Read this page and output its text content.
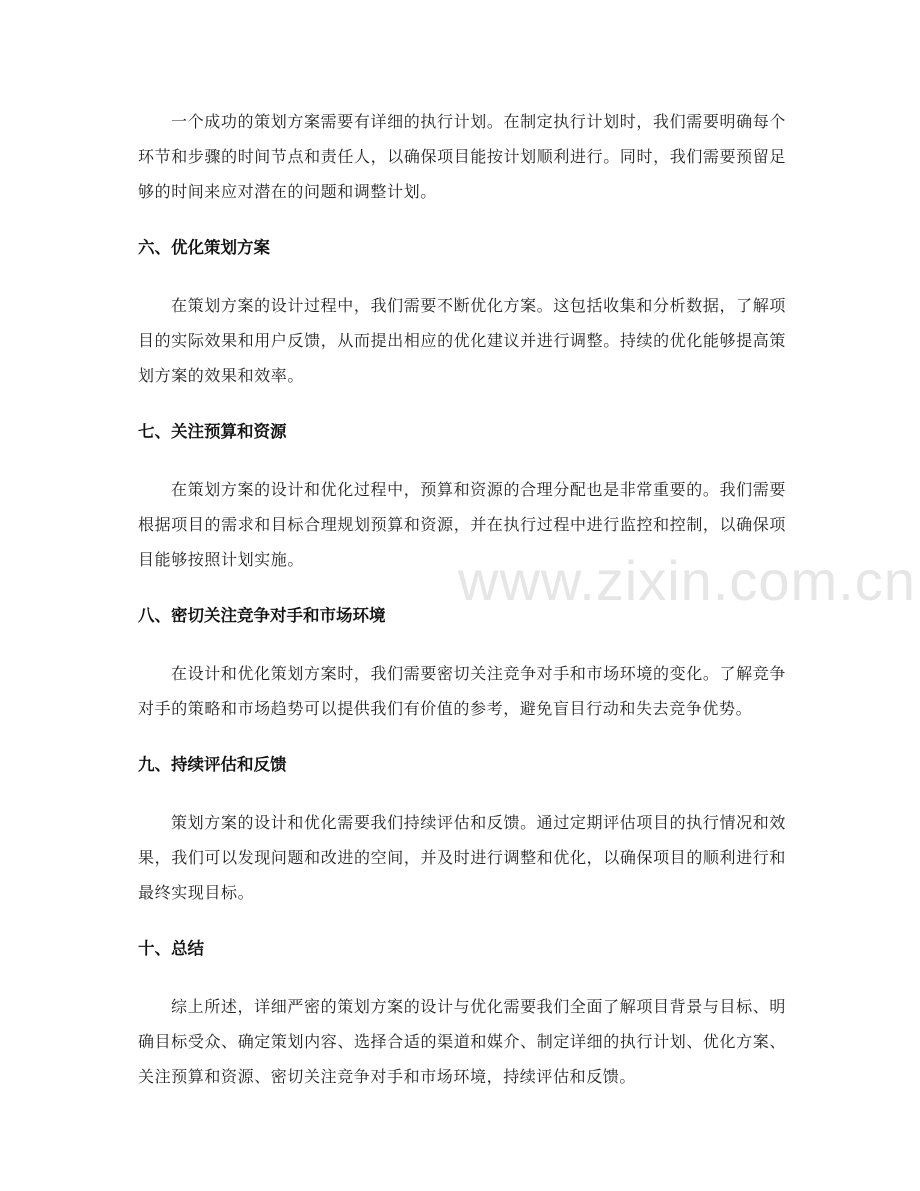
一个成功的策划方案需要有详细的执行计划。在制定执行计划时，我们需要明确每个环节和步骤的时间节点和责任人，以确保项目能按计划顺利进行。同时，我们需要预留足够的时间来应对潜在的问题和调整计划。

六、优化策划方案

在策划方案的设计过程中，我们需要不断优化方案。这包括收集和分析数据，了解项目的实际效果和用户反馈，从而提出相应的优化建议并进行调整。持续的优化能够提高策划方案的效果和效率。

七、关注预算和资源

在策划方案的设计和优化过程中，预算和资源的合理分配也是非常重要的。我们需要根据项目的需求和目标合理规划预算和资源，并在执行过程中进行监控和控制，以确保项目能够按照计划实施。

八、密切关注竞争对手和市场环境

在设计和优化策划方案时，我们需要密切关注竞争对手和市场环境的变化。了解竞争对手的策略和市场趋势可以提供我们有价值的参考，避免盲目行动和失去竞争优势。

九、持续评估和反馈

策划方案的设计和优化需要我们持续评估和反馈。通过定期评估项目的执行情况和效果，我们可以发现问题和改进的空间，并及时进行调整和优化，以确保项目的顺利进行和最终实现目标。

十、总结

综上所述，详细严密的策划方案的设计与优化需要我们全面了解项目背景与目标、明确目标受众、确定策划内容、选择合适的渠道和媒介、制定详细的执行计划、优化方案、关注预算和资源、密切关注竞争对手和市场环境，持续评估和反馈。

www.zixin.com.cn
